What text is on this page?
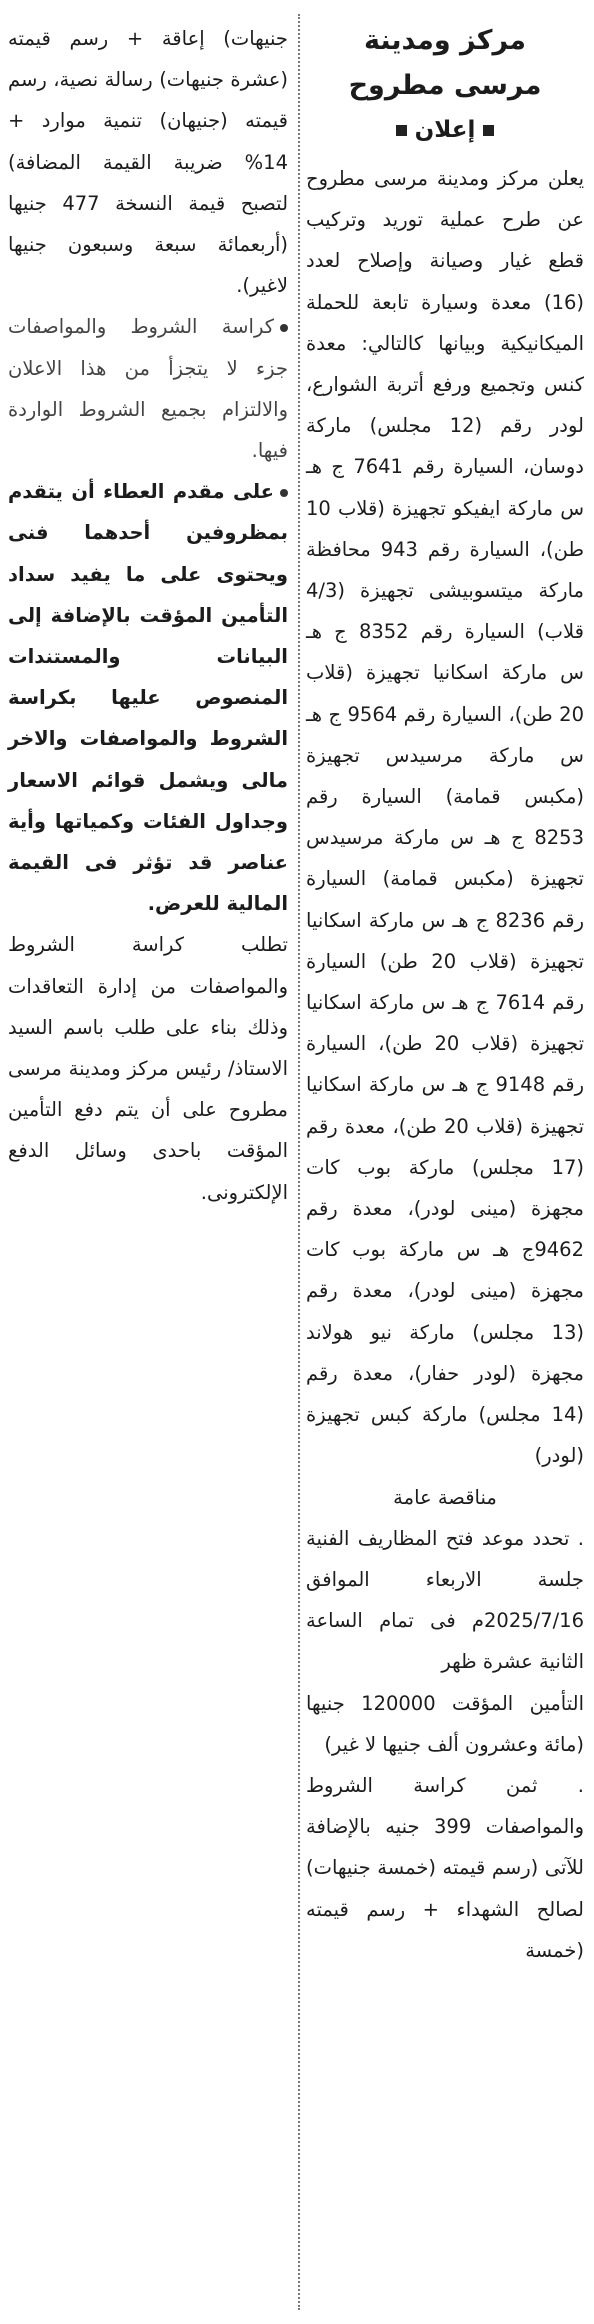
مركز ومدينة

مرسى مطروح

إعلان

يعلن مركز ومدينة مرسى مطروح عن طرح عملية توريد وتركيب قطع غيار وصيانة وإصلاح لعدد (16) معدة وسيارة تابعة للحملة الميكانيكية وبيانها كالتالي: معدة كنس وتجميع ورفع أتربة الشوارع، لودر رقم (12 مجلس) ماركة دوسان، السيارة رقم 7641 ج هـ س ماركة ايفيكو تجهيزة (قلاب 10 طن)، السيارة رقم 943 محافظة ماركة ميتسوبيشى تجهيزة (4/3 قلاب) السيارة رقم 8352 ج هـ س ماركة اسكانيا تجهيزة (قلاب 20 طن)، السيارة رقم 9564 ج هـ س ماركة مرسيدس تجهيزة (مكبس قمامة) السيارة رقم 8253 ج هـ س ماركة مرسيدس تجهيزة (مكبس قمامة) السيارة رقم 8236 ج هـ س ماركة اسكانيا تجهيزة (قلاب 20 طن) السيارة رقم 7614 ج هـ س ماركة اسكانيا تجهيزة (قلاب 20 طن)، السيارة رقم 9148 ج هـ س ماركة اسكانيا تجهيزة (قلاب 20 طن)، معدة رقم (17 مجلس) ماركة بوب كات مجهزة (مينى لودر)، معدة رقم 9462ج هـ س ماركة بوب كات مجهزة (مينى لودر)، معدة رقم (13 مجلس) ماركة نيو هولاند مجهزة (لودر حفار)، معدة رقم (14 مجلس) ماركة كبس تجهيزة (لودر)

مناقصة عامة

. تحدد موعد فتح المظاريف الفنية جلسة الاربعاء الموافق 2025/7/16م فى تمام الساعة الثانية عشرة ظهر

التأمين المؤقت 120000 جنيها (مائة وعشرون ألف جنيها لا غير)

. ثمن كراسة الشروط والمواصفات 399 جنيه بالإضافة للآتى (رسم قيمته (خمسة جنيهات) لصالح الشهداء + رسم قيمته (خمسة

جنيهات) إعاقة + رسم قيمته (عشرة جنيهات) رسالة نصية، رسم قيمته (جنيهان) تنمية موارد + 14% ضريبة القيمة المضافة) لتصبح قيمة النسخة 477 جنيها (أربعمائة سبعة وسبعون جنيها لاغير).

كراسة الشروط والمواصفات جزء لا يتجزأ من هذا الاعلان والالتزام بجميع الشروط الواردة فيها.

على مقدم العطاء أن يتقدم بمظروفين أحدهما فنى ويحتوى على ما يفيد سداد التأمين المؤقت بالإضافة إلى البيانات والمستندات المنصوص عليها بكراسة الشروط والمواصفات والاخر مالى ويشمل قوائم الاسعار وجداول الفئات وكمياتها وأية عناصر قد تؤثر فى القيمة المالية للعرض.

تطلب كراسة الشروط والمواصفات من إدارة التعاقدات وذلك بناء على طلب باسم السيد الاستاذ/ رئيس مركز ومدينة مرسى مطروح على أن يتم دفع التأمين المؤقت باحدى وسائل الدفع الإلكترونى.
